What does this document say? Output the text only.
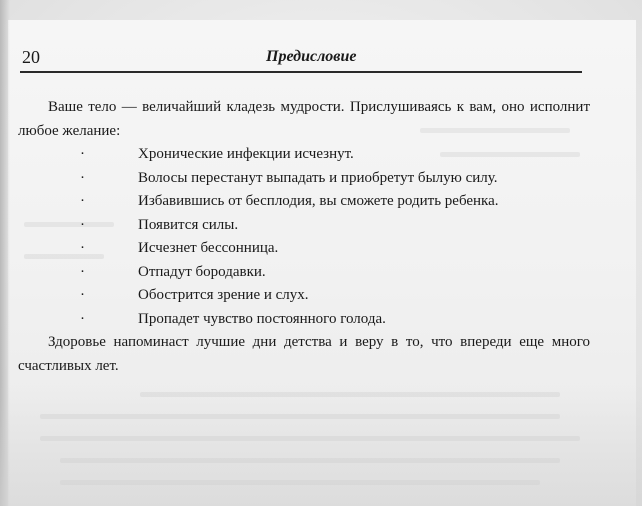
20	Предисловие

Ваше тело — величайший кладезь мудрости. Прислушиваясь к вам, оно исполнит любое желание:

·	Хронические инфекции исчезнут.
·	Волосы перестанут выпадать и приобретут былую силу.
·	Избавившись от бесплодия, вы сможете родить ребенка.
·	Появится силы.
·	Исчезнет бессонница.
·	Отпадут бородавки.
·	Обострится зрение и слух.
·	Пропадет чувство постоянного голода.

Здоровье напоминаст лучшие дни детства и веру в то, что впереди еще много счастливых лет.
